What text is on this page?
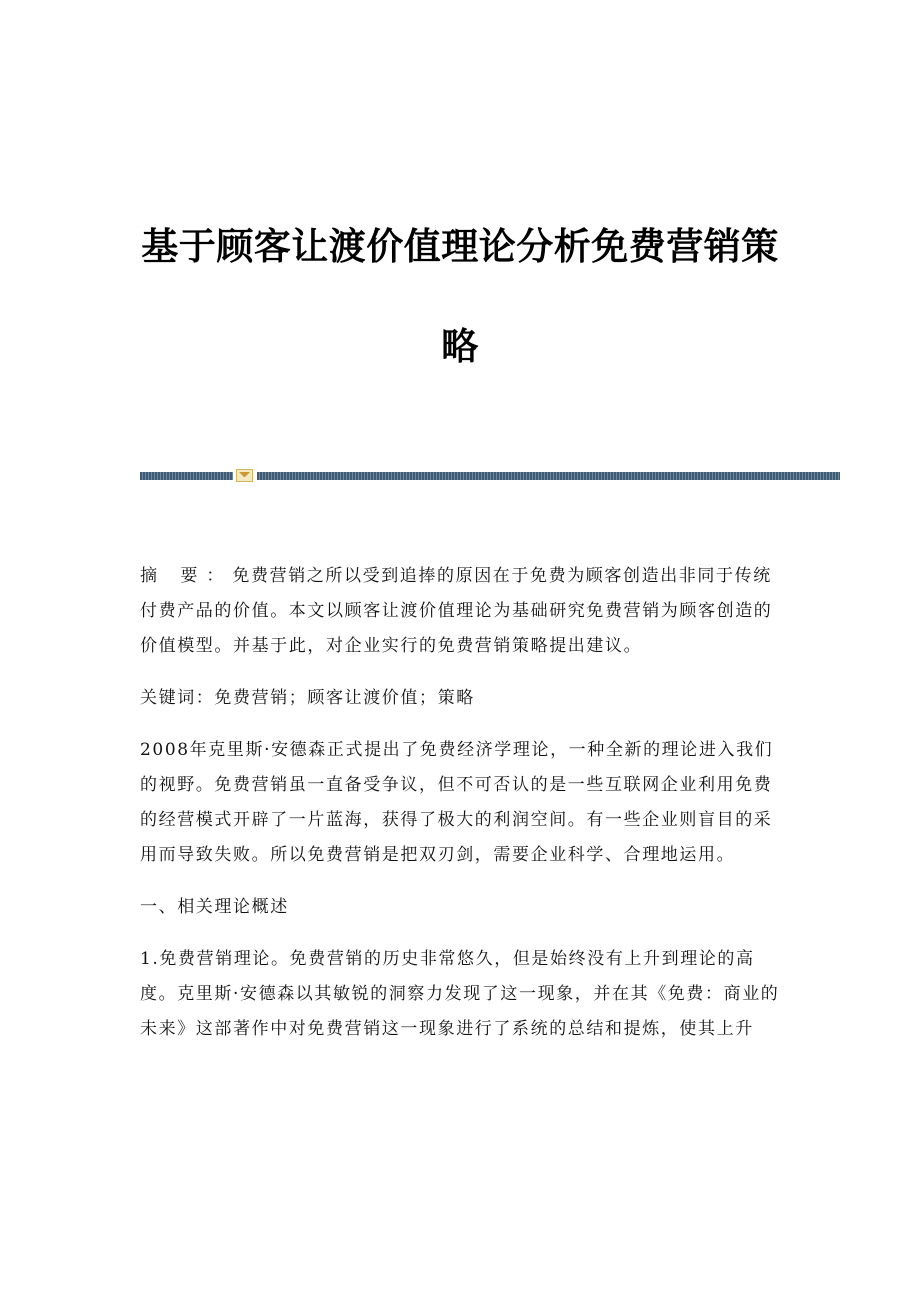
基于顾客让渡价值理论分析免费营销策
略

摘 要：免费营销之所以受到追捧的原因在于免费为顾客创造出非同于传统付费产品的价值。本文以顾客让渡价值理论为基础研究免费营销为顾客创造的价值模型。并基于此，对企业实行的免费营销策略提出建议。

关键词：免费营销；顾客让渡价值；策略

2008年克里斯·安德森正式提出了免费经济学理论，一种全新的理论进入我们的视野。免费营销虽一直备受争议，但不可否认的是一些互联网企业利用免费的经营模式开辟了一片蓝海，获得了极大的利润空间。有一些企业则盲目的采用而导致失败。所以免费营销是把双刃剑，需要企业科学、合理地运用。

一、相关理论概述

1.免费营销理论。免费营销的历史非常悠久，但是始终没有上升到理论的高度。克里斯·安德森以其敏锐的洞察力发现了这一现象，并在其《免费：商业的未来》这部著作中对免费营销这一现象进行了系统的总结和提炼，使其上升
